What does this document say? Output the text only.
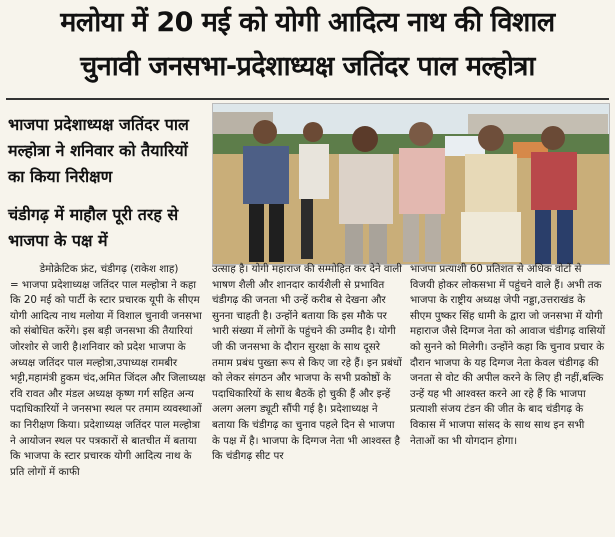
मलोया में 20 मई को योगी आदित्य नाथ की विशाल
चुनावी जनसभा-प्रदेशाध्यक्ष जतिंदर पाल मल्होत्रा
भाजपा प्रदेशाध्यक्ष जतिंदर पाल मल्होत्रा ने शनिवार को तैयारियों का किया निरीक्षण
चंडीगढ़ में माहौल पूरी तरह से भाजपा के पक्ष में
डेमोक्रेटिक फ्रंट, चंडीगढ़ (राकेश शाह)
= भाजपा प्रदेशाध्यक्ष जतिंदर पाल मल्होत्रा ने कहा कि 20 मई को पार्टी के स्टार प्रचारक यूपी के सीएम योगी आदित्य नाथ मलोया में विशाल चुनावी जनसभा को संबोधित करेंगे। इस बड़ी जनसभा की तैयारियां जोरशोर से जारी है।शनिवार को प्रदेश भाजपा के अध्यक्ष जतिंदर पाल मल्होत्रा,उपाध्यक्ष रामबीर भट्टी,महामंत्री हुकम चंद,अमित जिंदल और जिलाध्यक्ष रवि रावत और मंडल अध्यक्ष कृष्ण गर्ग सहित अन्य पदाधिकारियों ने जनसभा स्थल पर तमाम व्यवस्थाओं का निरीक्षण किया। प्रदेशाध्यक्ष जतिंदर पाल मल्होत्रा ने आयोजन स्थल पर पत्रकारों से बातचीत में बताया कि भाजपा के स्टार प्रचारक योगी आदित्य नाथ के प्रति लोगों में काफी
उत्साह है। योगी महाराज की सम्मोहित कर देने वाली भाषण शैली और शानदार कार्यशैली से प्रभावित चंडीगढ़ की जनता भी उन्हें करीब से देखना और सुनना चाहती है। उन्होंने बताया कि इस मौके पर भारी संख्या में लोगों के पहुंचने की उम्मीद है। योगी जी की जनसभा के दौरान सुरक्षा के साथ दूसरे तमाम प्रबंध पुख्ता रूप से किए जा रहे हैं। इन प्रबंधों को लेकर संगठन और भाजपा के सभी प्रकोष्ठों के पदाधिकारियों के साथ बैठकें हो चुकी हैं और इन्हें अलग अलग ड्यूटी सौंपी गई है। प्रदेशाध्यक्ष ने बताया कि चंडीगढ़ का चुनाव पहले दिन से भाजपा के पक्ष में है। भाजपा के दिग्गज नेता भी आश्वस्त है कि चंडीगढ़ सीट पर
भाजपा प्रत्याशी 60 प्रतिशत से अधिक वोटों से विजयी होकर लोकसभा में पहुंचने वाले हैं। अभी तक भाजपा के राष्ट्रीय अध्यक्ष जेपी नड्डा,उत्तराखंड के सीएम पुष्कर सिंह धामी के द्वारा जो जनसभा में योगी महाराज जैसे दिग्गज नेता को आवाज चंडीगढ़ वासियों को सुनने को मिलेगी। उन्होंने कहा कि चुनाव प्रचार के दौरान भाजपा के यह दिग्गज नेता केवल चंडीगढ़ की जनता से वोट की अपील करने के लिए ही नहीं,बल्कि उन्हें यह भी आश्वस्त करने आ रहे हैं कि भाजपा प्रत्याशी संजय टंडन की जीत के बाद चंडीगढ़ के विकास में भाजपा सांसद के साथ साथ इन सभी नेताओं का भी योगदान होगा।
